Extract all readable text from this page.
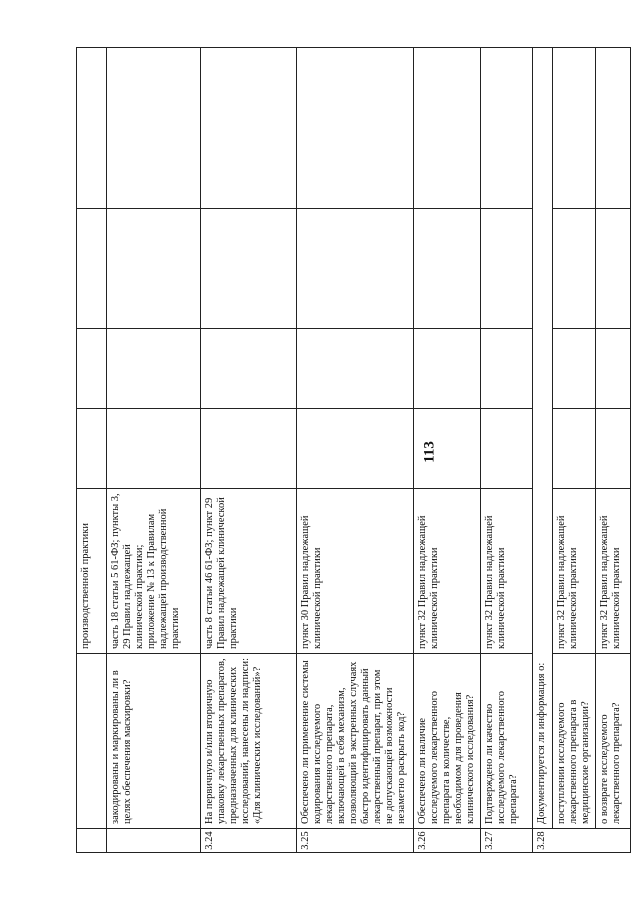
113
		производственной практики				
	закодированы и маркированы ли в целях обеспечения маскировки?	часть 18 статьи 5 61-ФЗ; пункты 3, 29 Правил надлежащей клинической практики; приложение № 13 к Правилам надлежащей производственной практики				
3.24	На первичную и/или вторичную упаковку лекарственных препаратов, предназначенных для клинических исследований, нанесены ли надписи: «Для клинических исследований»?	часть 8 статьи 46 61-ФЗ; пункт 29 Правил надлежащей клинической практики				
3.25	Обеспечено ли применение системы кодирования исследуемого лекарственного препарата, включающей в себя механизм, позволяющий в экстренных случаях быстро идентифицировать данный лекарственный препарат, при этом не допускающей возможности незаметно раскрыть код?	пункт 30 Правил надлежащей клинической практики				
3.26	Обеспечено ли наличие исследуемого лекарственного препарата в количестве, необходимом для проведения клинического исследования?	пункт 32 Правил надлежащей клинической практики				
3.27	Подтверждено ли качество исследуемого лекарственного препарата?	пункт 32 Правил надлежащей клинической практики				
3.28	Документируется ли информация о:					
	поступлении исследуемого лекарственного препарата в медицинские организации?	пункт 32 Правил надлежащей клинической практики				
	о возврате исследуемого лекарственного препарата?	пункт 32 Правил надлежащей клинической практики				
